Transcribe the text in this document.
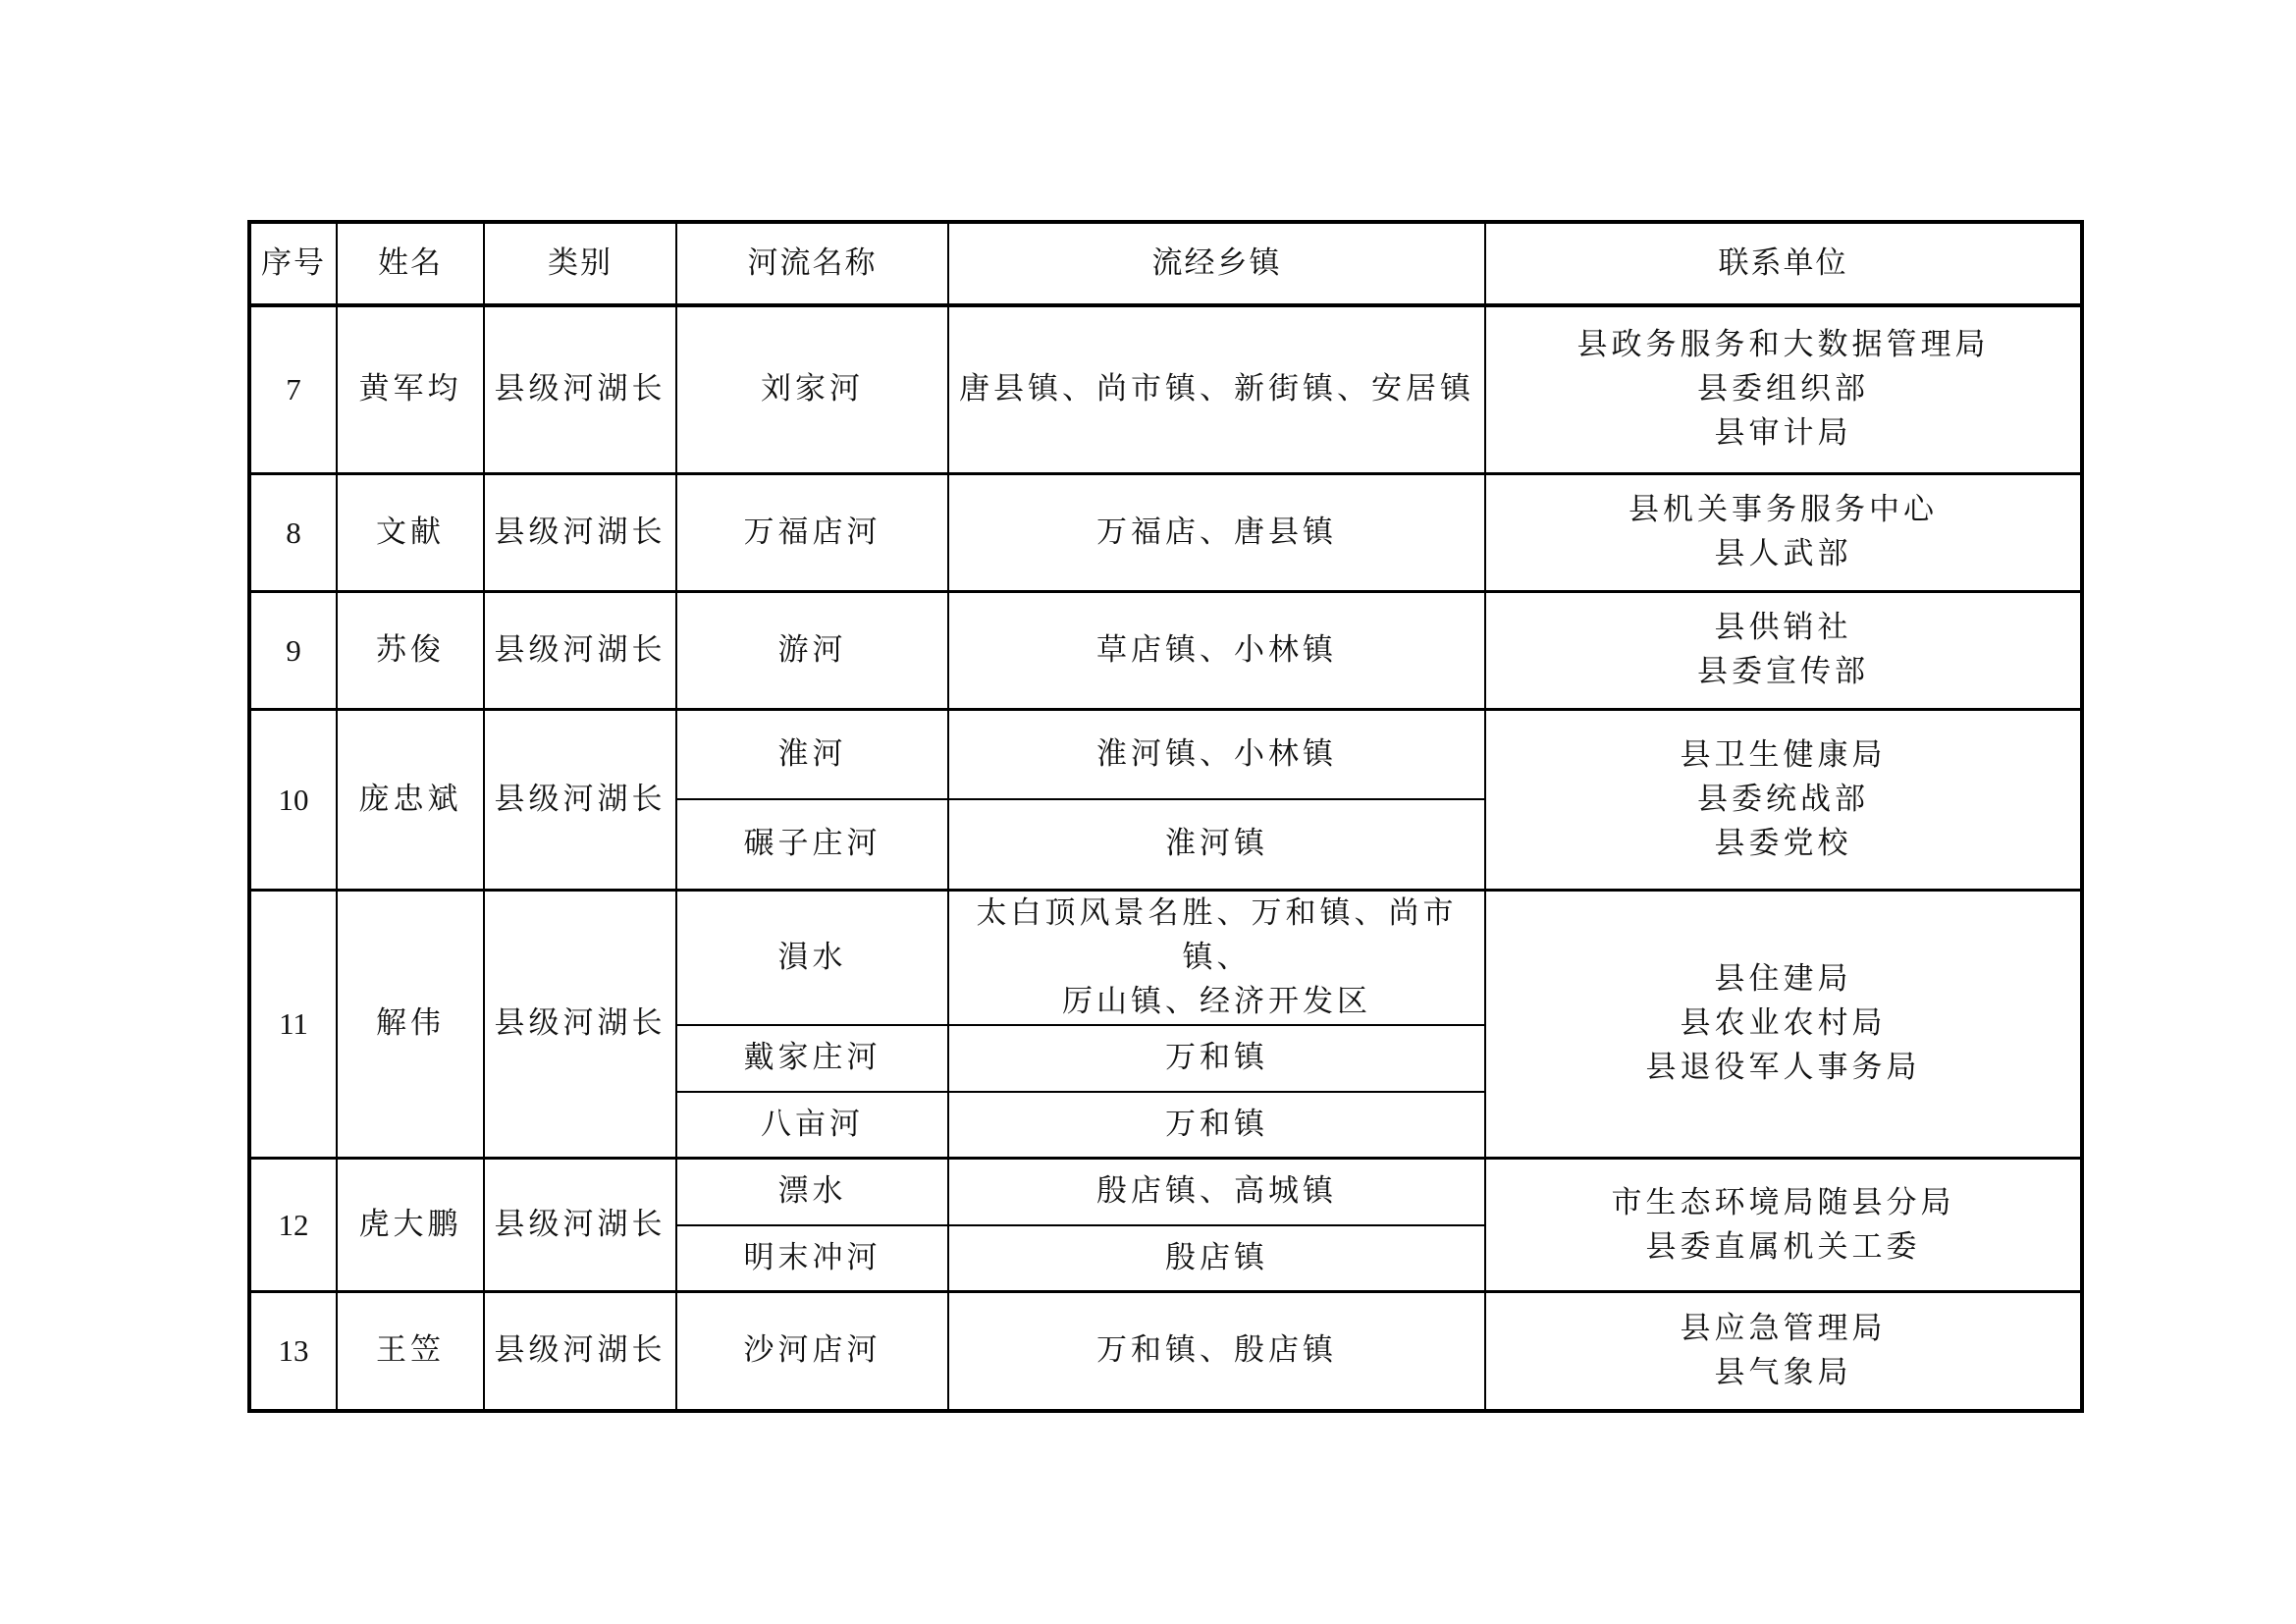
序号	姓名	类别	河流名称	流经乡镇	联系单位
7	黄军均	县级河湖长	刘家河	唐县镇、尚市镇、新街镇、安居镇	县政务服务和大数据管理局
县委组织部
县审计局

8	文献	县级河湖长	万福店河	万福店、唐县镇	县机关事务服务中心
县人武部

9	苏俊	县级河湖长	游河	草店镇、小林镇	县供销社
县委宣传部

10	庞忠斌	县级河湖长	淮河	淮河镇、小林镇	县卫生健康局
县委统战部
县委党校

			碾子庄河	淮河镇	

11	解伟	县级河湖长	溳水	太白顶风景名胜、万和镇、尚市镇、
厉山镇、经济开发区	县住建局
县农业农村局
县退役军人事务局

			戴家庄河	万和镇	

			八亩河	万和镇	

12	虎大鹏	县级河湖长	漂水	殷店镇、高城镇	市生态环境局随县分局
县委直属机关工委

			明末冲河	殷店镇	

13	王笠	县级河湖长	沙河店河	万和镇、殷店镇	县应急管理局
县气象局
